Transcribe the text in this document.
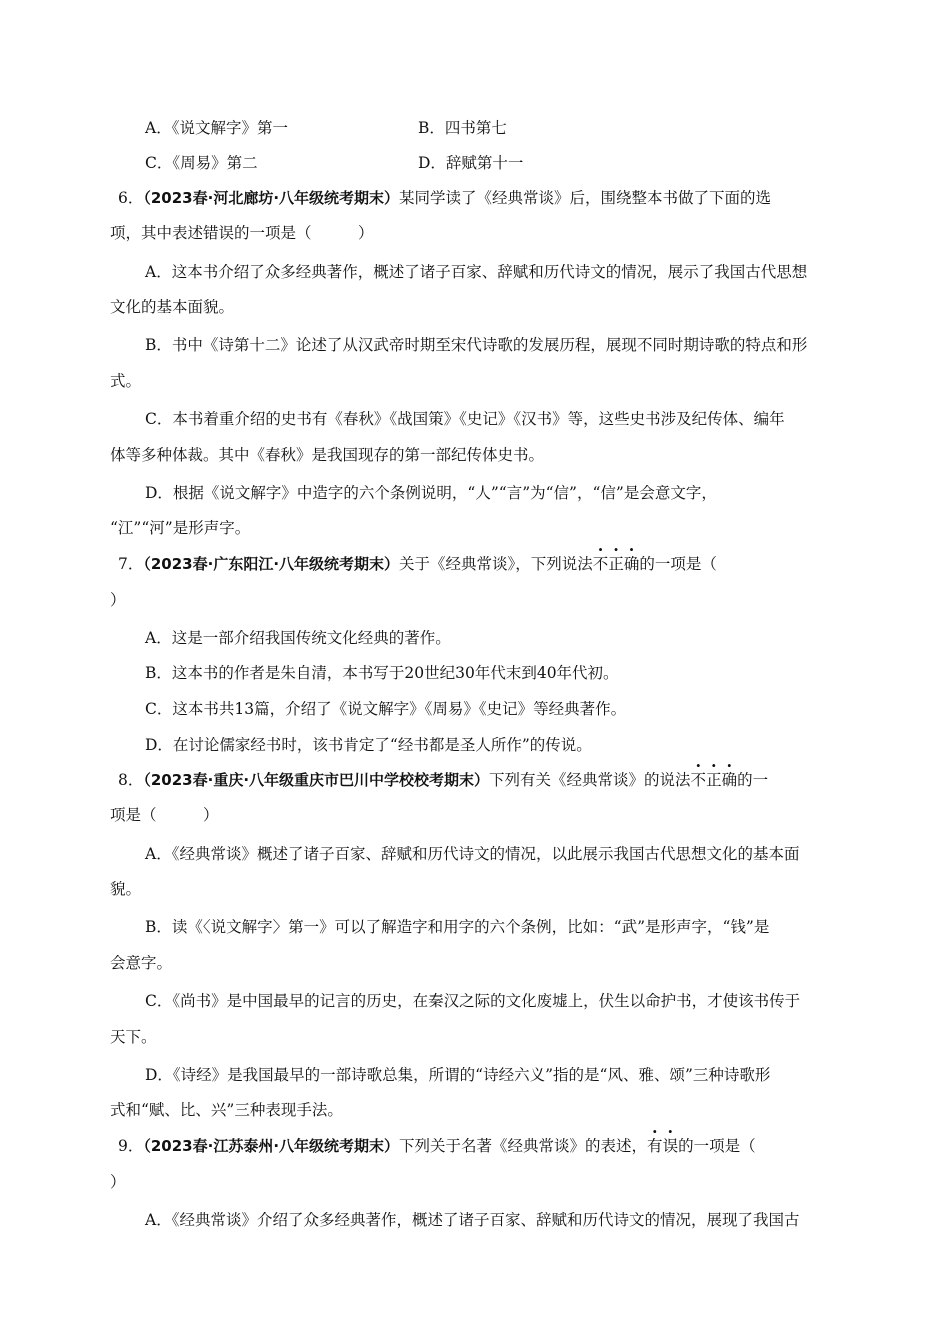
A．《说文解字》第一	B．四书第七
C．《周易》第二	D．辞赋第十一
6．（2023春·河北廊坊·八年级统考期末）某同学读了《经典常谈》后，围绕整本书做了下面的选
项，其中表述错误的一项是（　　　）
A．这本书介绍了众多经典著作，概述了诸子百家、辞赋和历代诗文的情况，展示了我国古代思想
文化的基本面貌。
B．书中《诗第十二》论述了从汉武帝时期至宋代诗歌的发展历程，展现不同时期诗歌的特点和形
式。
C．本书着重介绍的史书有《春秋》《战国策》《史记》《汉书》等，这些史书涉及纪传体、编年
体等多种体裁。其中《春秋》是我国现存的第一部纪传体史书。
D．根据《说文解字》中造字的六个条例说明，“人”“言”为“信”，“信”是会意文字，
“江”“河”是形声字。
7．（2023春·广东阳江·八年级统考期末）关于《经典常谈》，下列说法不正确的一项是（
）
A．这是一部介绍我国传统文化经典的著作。
B．这本书的作者是朱自清，本书写于20世纪30年代末到40年代初。
C．这本书共13篇，介绍了《说文解字》《周易》《史记》等经典著作。
D．在讨论儒家经书时，该书肯定了“经书都是圣人所作”的传说。
8．（2023春·重庆·八年级重庆市巴川中学校校考期末）下列有关《经典常谈》的说法不正确的一
项是（　　　）
A．《经典常谈》概述了诸子百家、辞赋和历代诗文的情况，以此展示我国古代思想文化的基本面
貌。
B．读《〈说文解字〉第一》可以了解造字和用字的六个条例，比如：“武”是形声字，“钱”是
会意字。
C．《尚书》是中国最早的记言的历史，在秦汉之际的文化废墟上，伏生以命护书，才使该书传于
天下。
D．《诗经》是我国最早的一部诗歌总集，所谓的“诗经六义”指的是“风、雅、颂”三种诗歌形
式和“赋、比、兴”三种表现手法。
9．（2023春·江苏泰州·八年级统考期末）下列关于名著《经典常谈》的表述，有误的一项是（
）
A．《经典常谈》介绍了众多经典著作，概述了诸子百家、辞赋和历代诗文的情况，展现了我国古
